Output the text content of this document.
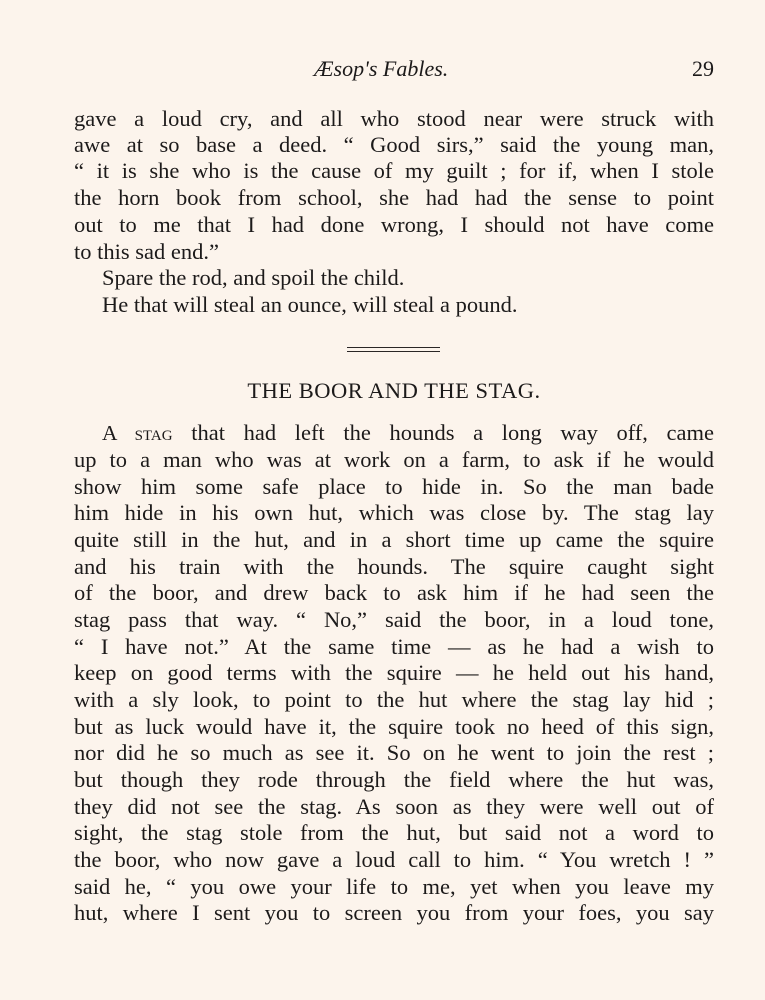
Æsop's Fables.	29
gave a loud cry, and all who stood near were struck with
awe at so base a deed. “ Good sirs,” said the young man,
“ it is she who is the cause of my guilt ; for if, when I stole
the horn book from school, she had had the sense to point
out to me that I had done wrong, I should not have come
to this sad end.”
Spare the rod, and spoil the child.
He that will steal an ounce, will steal a pound.
THE BOOR AND THE STAG.
A stag that had left the hounds a long way off, came
up to a man who was at work on a farm, to ask if he would
show him some safe place to hide in. So the man bade
him hide in his own hut, which was close by. The stag lay
quite still in the hut, and in a short time up came the squire
and his train with the hounds. The squire caught sight
of the boor, and drew back to ask him if he had seen the
stag pass that way. “ No,” said the boor, in a loud tone,
“ I have not.” At the same time — as he had a wish to
keep on good terms with the squire — he held out his hand,
with a sly look, to point to the hut where the stag lay hid ;
but as luck would have it, the squire took no heed of this sign,
nor did he so much as see it. So on he went to join the rest ;
but though they rode through the field where the hut was,
they did not see the stag. As soon as they were well out of
sight, the stag stole from the hut, but said not a word to
the boor, who now gave a loud call to him. “ You wretch ! ”
said he, “ you owe your life to me, yet when you leave my
hut, where I sent you to screen you from your foes, you say
